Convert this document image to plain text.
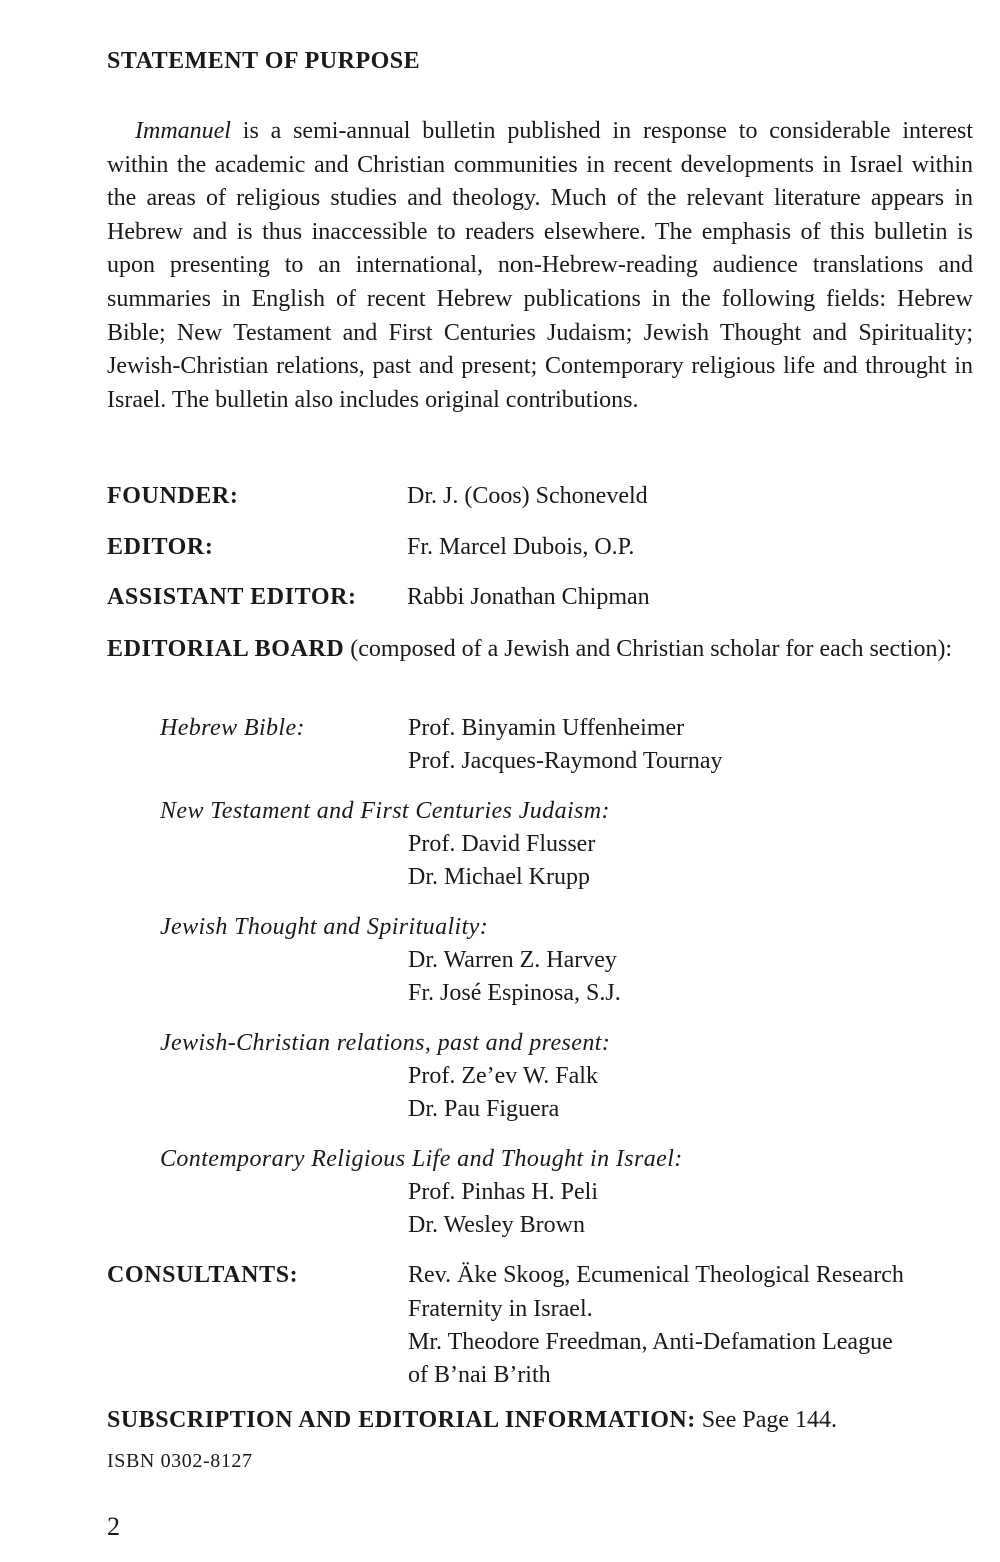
STATEMENT OF PURPOSE

Immanuel is a semi-annual bulletin published in response to considerable interest within the academic and Christian communities in recent developments in Israel within the areas of religious studies and theology. Much of the relevant literature appears in Hebrew and is thus inaccessible to readers elsewhere. The emphasis of this bulletin is upon presenting to an international, non-Hebrew-reading audience translations and summaries in English of recent Hebrew publications in the following fields: Hebrew Bible; New Testament and First Centuries Judaism; Jewish Thought and Spirituality; Jewish-Christian relations, past and present; Contemporary religious life and throught in Israel. The bulletin also includes original contributions.

FOUNDER:	Dr. J. (Coos) Schoneveld
EDITOR:	Fr. Marcel Dubois, O.P.
ASSISTANT EDITOR: Rabbi Jonathan Chipman

EDITORIAL BOARD (composed of a Jewish and Christian scholar for each section):

Hebrew Bible:	Prof. Binyamin Uffenheimer
Prof. Jacques-Raymond Tournay
New Testament and First Centuries Judaism:
Prof. David Flusser
Dr. Michael Krupp
Jewish Thought and Spirituality:
Dr. Warren Z. Harvey
Fr. José Espinosa, S.J.
Jewish-Christian relations, past and present:
Prof. Ze’ev W. Falk
Dr. Pau Figuera
Contemporary Religious Life and Thought in Israel:
Prof. Pinhas H. Peli
Dr. Wesley Brown
CONSULTANTS:	Rev. Äke Skoog, Ecumenical Theological Research
Fraternity in Israel.
Mr. Theodore Freedman, Anti-Defamation League
of B’nai B’rith
SUBSCRIPTION AND EDITORIAL INFORMATION: See Page 144.
ISBN 0302-8127
2
